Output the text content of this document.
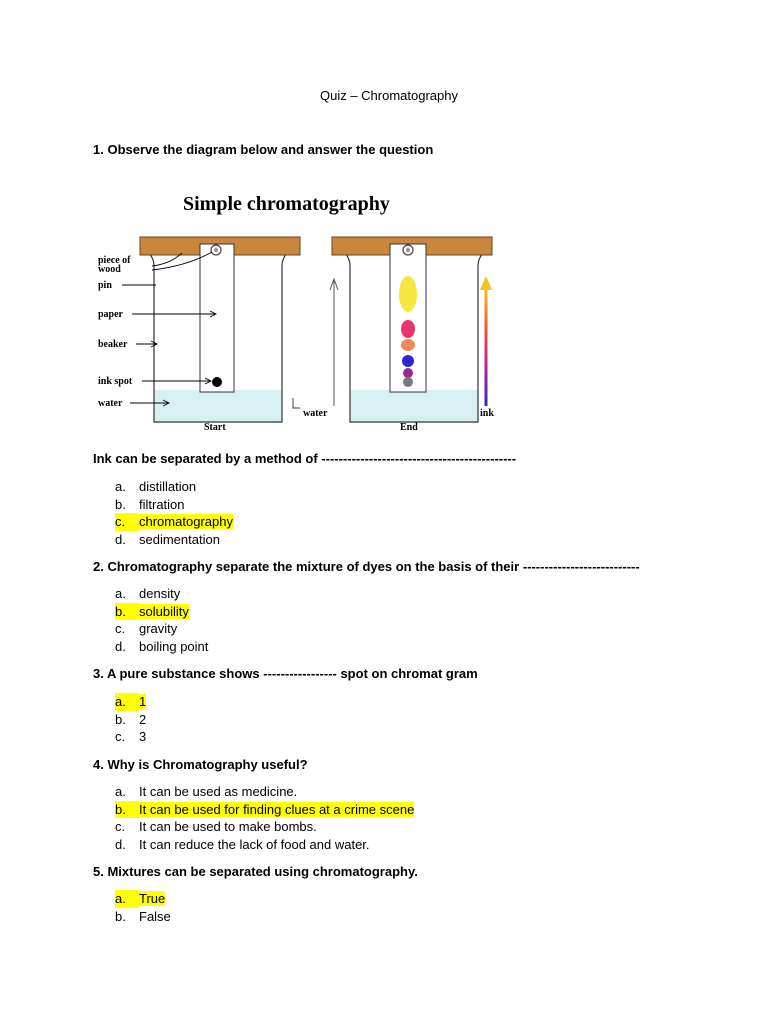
Quiz – Chromatography
1. Observe the diagram below and answer the question
Simple chromatography
piece of
wood
pin
paper
beaker
ink spot
water
Start
water
End
ink
Ink can be separated by a method of ---------------------------------------------
a. distillation
b. filtration
c. chromatography
d. sedimentation
2. Chromatography separate the mixture of dyes on the basis of their ---------------------------
a. density
b. solubility
c. gravity
d. boiling point
3. A pure substance shows ----------------- spot on chromat gram
a. 1
b. 2
c. 3
4. Why is Chromatography useful?
a. It can be used as medicine.
b. It can be used for finding clues at a crime scene
c. It can be used to make bombs.
d. It can reduce the lack of food and water.
5. Mixtures can be separated using chromatography.
a. True
b. False
